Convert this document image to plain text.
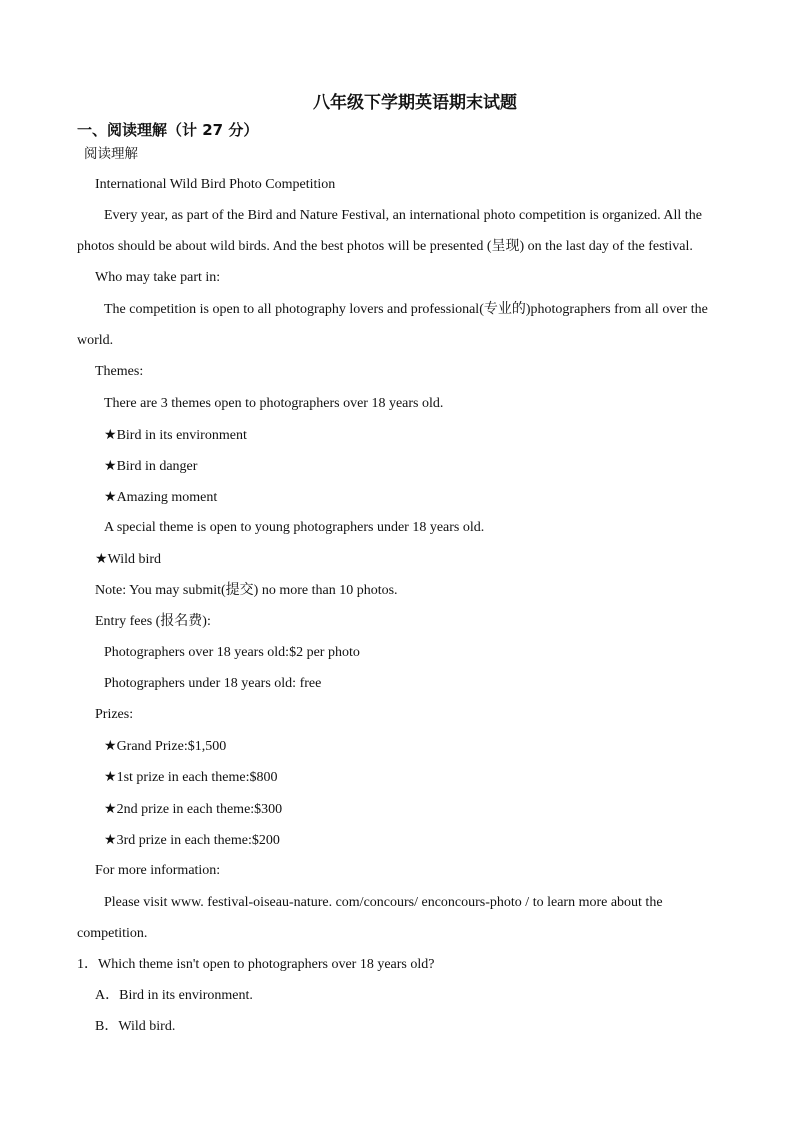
八年级下学期英语期末试题
一、阅读理解（计 27 分）
阅读理解
International Wild Bird Photo Competition
Every year, as part of the Bird and Nature Festival, an international photo competition is organized. All the
photos should be about wild birds. And the best photos will be presented (呈现) on the last day of the festival.
Who may take part in:
The competition is open to all photography lovers and professional(专业的)photographers from all over the
world.
Themes:
There are 3 themes open to photographers over 18 years old.
★Bird in its environment
★Bird in danger
★Amazing moment
A special theme is open to young photographers under 18 years old.
★Wild bird
Note: You may submit(提交) no more than 10 photos.
Entry fees (报名费):
Photographers over 18 years old:$2 per photo
Photographers under 18 years old: free
Prizes:
★Grand Prize:$1,500
★1st prize in each theme:$800
★2nd prize in each theme:$300
★3rd prize in each theme:$200
For more information:
Please visit www. festival-oiseau-nature. com/concours/ enconcours-photo / to learn more about the
competition.
1．Which theme isn't open to photographers over 18 years old?
A．Bird in its environment.
B．Wild bird.
